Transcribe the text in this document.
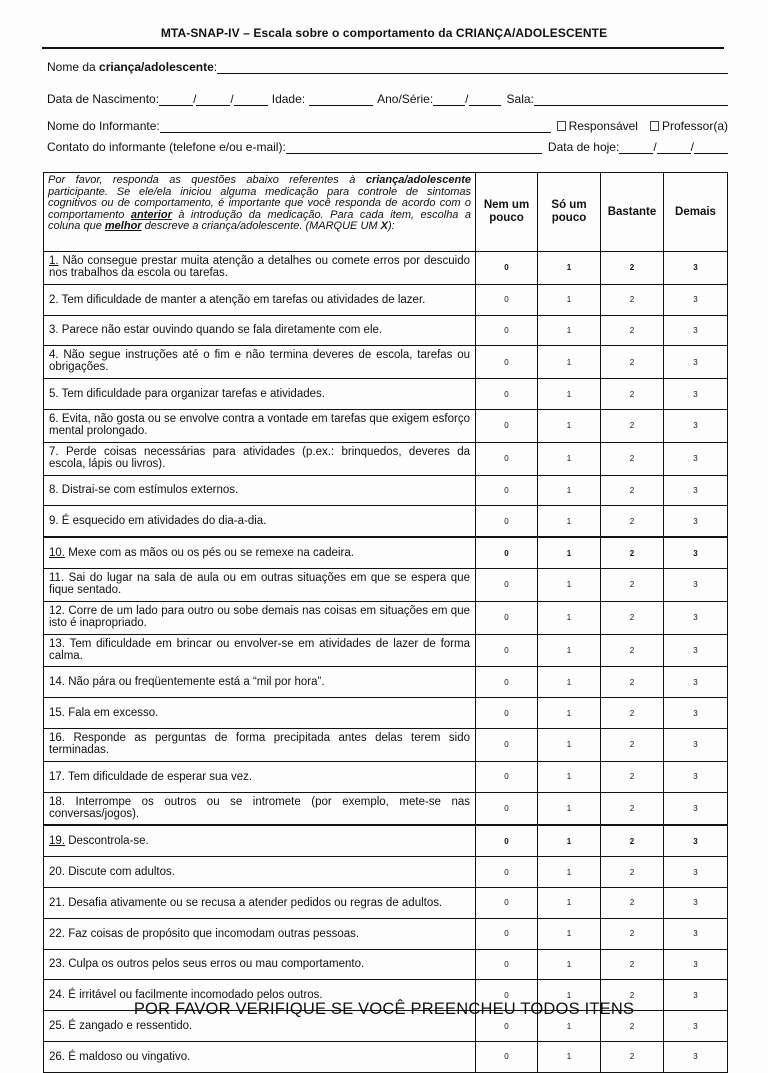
MTA-SNAP-IV – Escala sobre o comportamento da CRIANÇA/ADOLESCENTE
Nome da criança/adolescente:
Data de Nascimento:	/	/	Idade:	Ano/Série:	/	Sala:
Nome do Informante:	Responsável	Professor(a)
Contato do informante (telefone e/ou e-mail):	Data de hoje:	/	/
Por favor, responda as questões abaixo referentes à criança/adolescente participante. Se ele/ela iniciou alguma medicação para controle de sintomas cognitivos ou de comportamento, é importante que você responda de acordo com o comportamento anterior à introdução da medicação. Para cada item, escolha a coluna que melhor descreve a criança/adolescente. (MARQUE UM X):	Nem um pouco	Só um pouco	Bastante	Demais
1. Não consegue prestar muita atenção a detalhes ou comete erros por descuido nos trabalhos da escola ou tarefas.	0	1	2	3
2. Tem dificuldade de manter a atenção em tarefas ou atividades de lazer.	0	1	2	3
3. Parece não estar ouvindo quando se fala diretamente com ele.	0	1	2	3
4. Não segue instruções até o fim e não termina deveres de escola, tarefas ou obrigações.	0	1	2	3
5. Tem dificuldade para organizar tarefas e atividades.	0	1	2	3
6. Evita, não gosta ou se envolve contra a vontade em tarefas que exigem esforço mental prolongado.	0	1	2	3
7. Perde coisas necessárias para atividades (p.ex.: brinquedos, deveres da escola, lápis ou livros).	0	1	2	3
8. Distrai-se com estímulos externos.	0	1	2	3
9. É esquecido em atividades do dia-a-dia.	0	1	2	3
10. Mexe com as mãos ou os pés ou se remexe na cadeira.	0	1	2	3
11. Sai do lugar na sala de aula ou em outras situações em que se espera que fique sentado.	0	1	2	3
12. Corre de um lado para outro ou sobe demais nas coisas em situações em que isto é inapropriado.	0	1	2	3
13. Tem dificuldade em brincar ou envolver-se em atividades de lazer de forma calma.	0	1	2	3
14. Não pára ou freqüentemente está a “mil por hora”.	0	1	2	3
15. Fala em excesso.	0	1	2	3
16. Responde as perguntas de forma precipitada antes delas terem sido terminadas.	0	1	2	3
17. Tem dificuldade de esperar sua vez.	0	1	2	3
18. Interrompe os outros ou se intromete (por exemplo, mete-se nas conversas/jogos).	0	1	2	3
19. Descontrola-se.	0	1	2	3
20. Discute com adultos.	0	1	2	3
21. Desafia ativamente ou se recusa a atender pedidos ou regras de adultos.	0	1	2	3
22. Faz coisas de propósito que incomodam outras pessoas.	0	1	2	3
23. Culpa os outros pelos seus erros ou mau comportamento.	0	1	2	3
24. É irritável ou facilmente incomodado pelos outros.	0	1	2	3
25. É zangado e ressentido.	0	1	2	3
26. É maldoso ou vingativo.	0	1	2	3
POR FAVOR VERIFIQUE SE VOCÊ PREENCHEU TODOS ITENS
